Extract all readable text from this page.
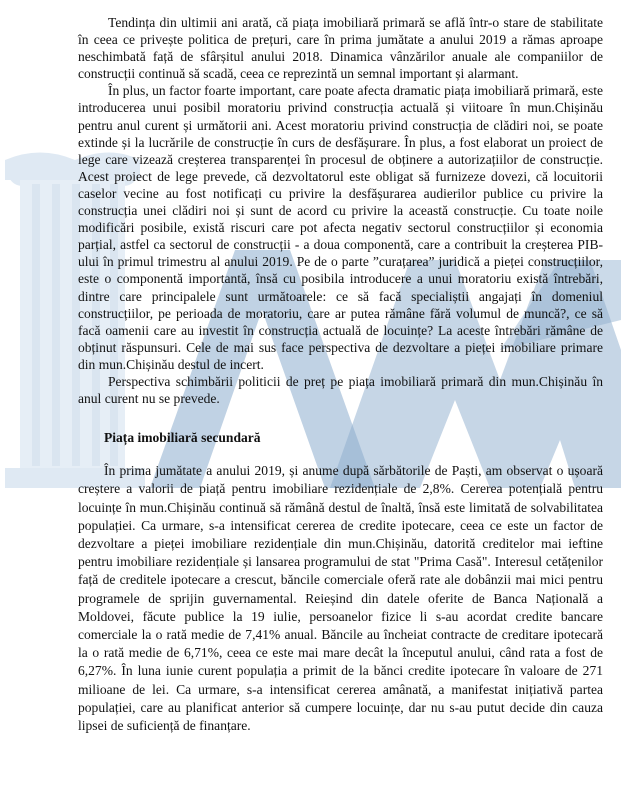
Tendința din ultimii ani arată, că piața imobiliară primară se află într-o stare de stabilitate în ceea ce privește politica de prețuri, care în prima jumătate a anului 2019 a rămas aproape neschimbată față de sfârșitul anului 2018. Dinamica vânzărilor anuale ale companiilor de construcții continuă să scadă, ceea ce reprezintă un semnal important și alarmant.

În plus, un factor foarte important, care poate afecta dramatic piața imobiliară primară, este introducerea unui posibil moratoriu privind construcția actuală și viitoare în mun.Chișinău pentru anul curent și următorii ani. Acest moratoriu privind construcția de clădiri noi, se poate extinde și la lucrările de construcție în curs de desfășurare. În plus, a fost elaborat un proiect de lege care vizează creșterea transparenței în procesul de obținere a autorizațiilor de construcție. Acest proiect de lege prevede, că dezvoltatorul este obligat să furnizeze dovezi, că locuitorii caselor vecine au fost notificați cu privire la desfășurarea audierilor publice cu privire la construcția unei clădiri noi și sunt de acord cu privire la această construcție. Cu toate noile modificări posibile, există riscuri care pot afecta negativ sectorul construcțiilor și economia parțial, astfel ca sectorul de construcții - a doua componentă, care a contribuit la creșterea PIB-ului în primul trimestru al anului 2019. Pe de o parte ”curațarea” juridică a pieței construcțiilor, este o componentă importantă, însă cu posibila introducere a unui moratoriu există întrebări, dintre care principalele sunt următoarele: ce să facă specialiștii angajați în domeniul construcțiilor, pe perioada de moratoriu, care ar putea rămâne fără volumul de muncă?, ce să facă oamenii care au investit în construcția actuală de locuințe? La aceste întrebări rămâne de obținut răspunsuri. Cele de mai sus face perspectiva de dezvoltare a pieței imobiliare primare din mun.Chișinău destul de incert.

Perspectiva schimbării politicii de preț pe piața imobiliară primară din mun.Chișinău în anul curent nu se prevede.

Piața imobiliară secundară

În prima jumătate a anului 2019, și anume după sărbătorile de Paști, am observat o ușoară creștere a valorii de piață pentru imobiliare rezidențiale de 2,8%. Cererea potențială pentru locuințe în mun.Chișinău continuă să rămână destul de înaltă, însă este limitată de solvabilitatea populației. Ca urmare, s-a intensificat cererea de credite ipotecare, ceea ce este un factor de dezvoltare a pieței imobiliare rezidențiale din mun.Chișinău, datorită creditelor mai ieftine pentru imobiliare rezidențiale și lansarea programului de stat "Prima Casă". Interesul cetățenilor față de creditele ipotecare a crescut, băncile comerciale oferă rate ale dobânzii mai mici pentru programele de sprijin guvernamental. Reieșind din datele oferite de Banca Națională a Moldovei, făcute publice la 19 iulie, persoanelor fizice li s-au acordat credite bancare comerciale la o rată medie de 7,41% anual. Băncile au încheiat contracte de creditare ipotecară la o rată medie de 6,71%, ceea ce este mai mare decât la începutul anului, când rata a fost de 6,27%. În luna iunie curent populația a primit de la bănci credite ipotecare în valoare de 271 milioane de lei. Ca urmare, s-a intensificat cererea amânată, a manifestat inițiativă partea populației, care au planificat anterior să cumpere locuințe, dar nu s-au putut decide din cauza lipsei de suficiență de finanțare.
